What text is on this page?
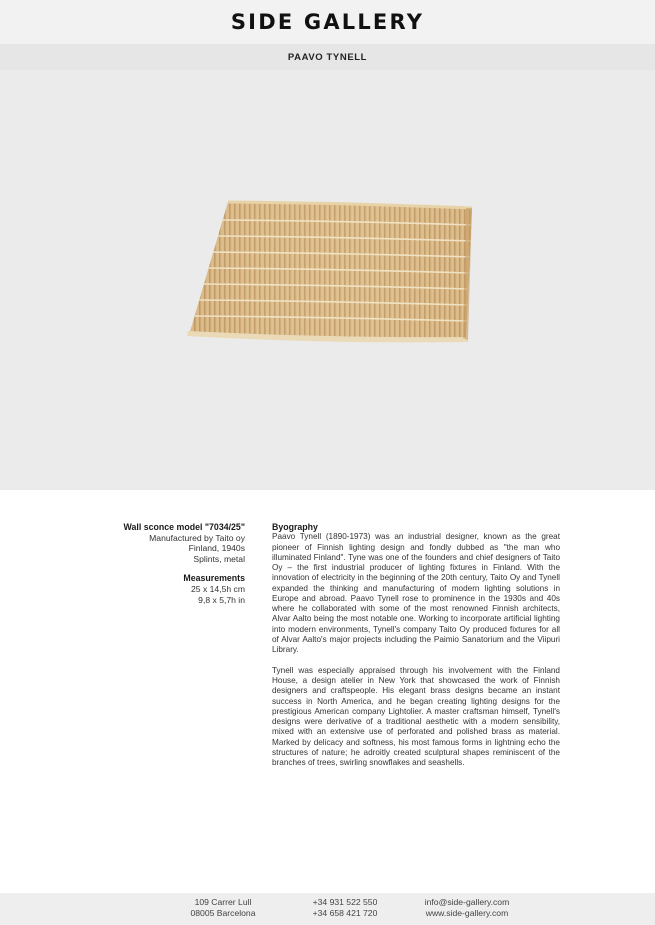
SIDE GALLERY
PAAVO TYNELL
Wall sconce model "7034/25"
Manufactured by Taito oy
Finland, 1940s
Splints, metal
Measurements
25 x 14,5h cm
9,8 x 5,7h in
Byography

Paavo Tynell (1890-1973) was an industrial designer, known as the great pioneer of Finnish lighting design and fondly dubbed as "the man who illuminated Finland". Tyne was one of the founders and chief designers of Taito Oy – the first industrial producer of lighting fixtures in Finland. With the innovation of electricity in the beginning of the 20th century, Taito Oy and Tynell expanded the thinking and manufacturing of modern lighting solutions in Europe and abroad. Paavo Tynell rose to prominence in the 1930s and 40s where he collaborated with some of the most renowned Finnish architects, Alvar Aalto being the most notable one. Working to incorporate artificial lighting into modern environments, Tynell's company Taito Oy produced fixtures for all of Alvar Aalto's major projects including the Paimio Sanatorium and the Viipuri Library.

Tynell was especially appraised through his involvement with the Finland House, a design atelier in New York that showcased the work of Finnish designers and craftspeople. His elegant brass designs became an instant success in North America, and he began creating lighting designs for the prestigious American company Lightolier. A master craftsman himself, Tynell's designs were derivative of a traditional aesthetic with a modern sensibility, mixed with an extensive use of perforated and polished brass as material. Marked by delicacy and softness, his most famous forms in lightning echo the structures of nature; he adroitly created sculptural shapes reminiscent of the branches of trees, swirling snowflakes and seashells.

109 Carrer Lull
08005 Barcelona
+34 931 522 550
+34 658 421 720
info@side-gallery.com
www.side-gallery.com
